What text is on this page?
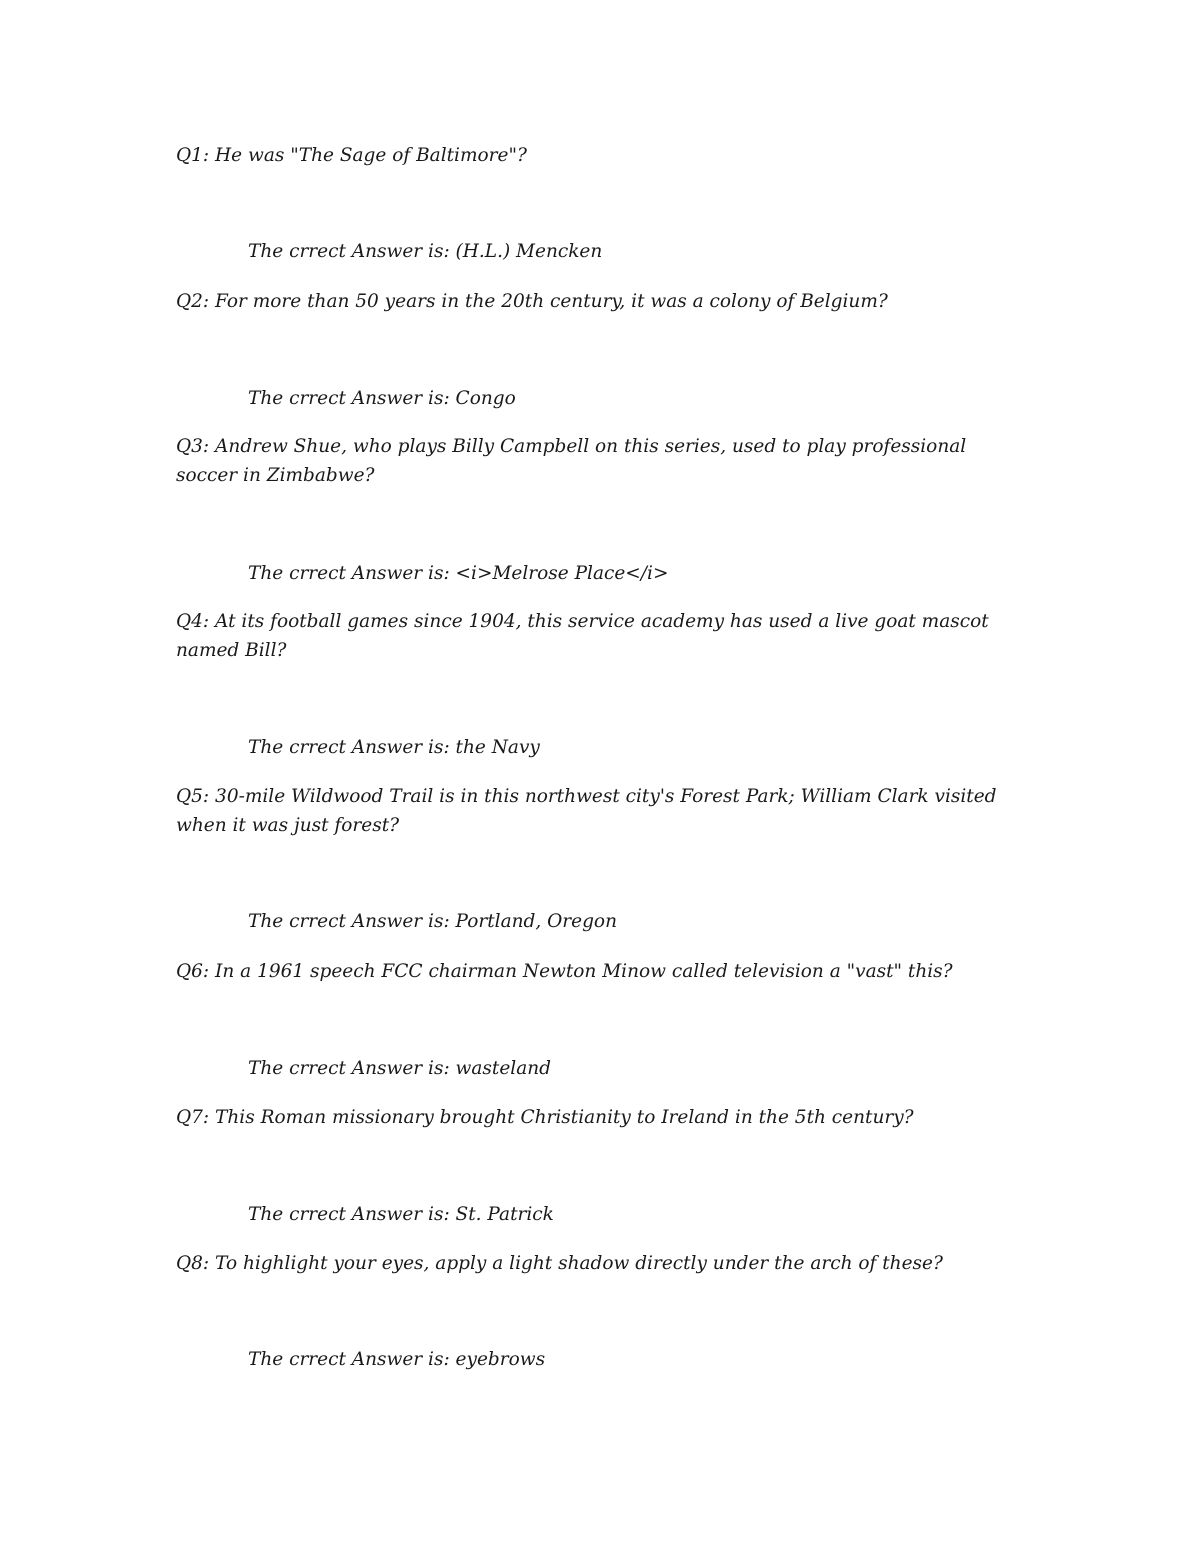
Q1: He was "The Sage of Baltimore"?

The crrect Answer is: (H.L.) Mencken

Q2: For more than 50 years in the 20th century, it was a colony of Belgium?

The crrect Answer is: Congo

Q3: Andrew Shue, who plays Billy Campbell on this series, used to play professional soccer in Zimbabwe?

The crrect Answer is: <i>Melrose Place</i>

Q4: At its football games since 1904, this service academy has used a live goat mascot named Bill?

The crrect Answer is: the Navy

Q5: 30-mile Wildwood Trail is in this northwest city's Forest Park; William Clark visited when it was just forest?

The crrect Answer is: Portland, Oregon

Q6: In a 1961 speech FCC chairman Newton Minow called television a "vast" this?

The crrect Answer is: wasteland

Q7: This Roman missionary brought Christianity to Ireland in the 5th century?

The crrect Answer is: St. Patrick

Q8: To highlight your eyes, apply a light shadow directly under the arch of these?

The crrect Answer is: eyebrows
